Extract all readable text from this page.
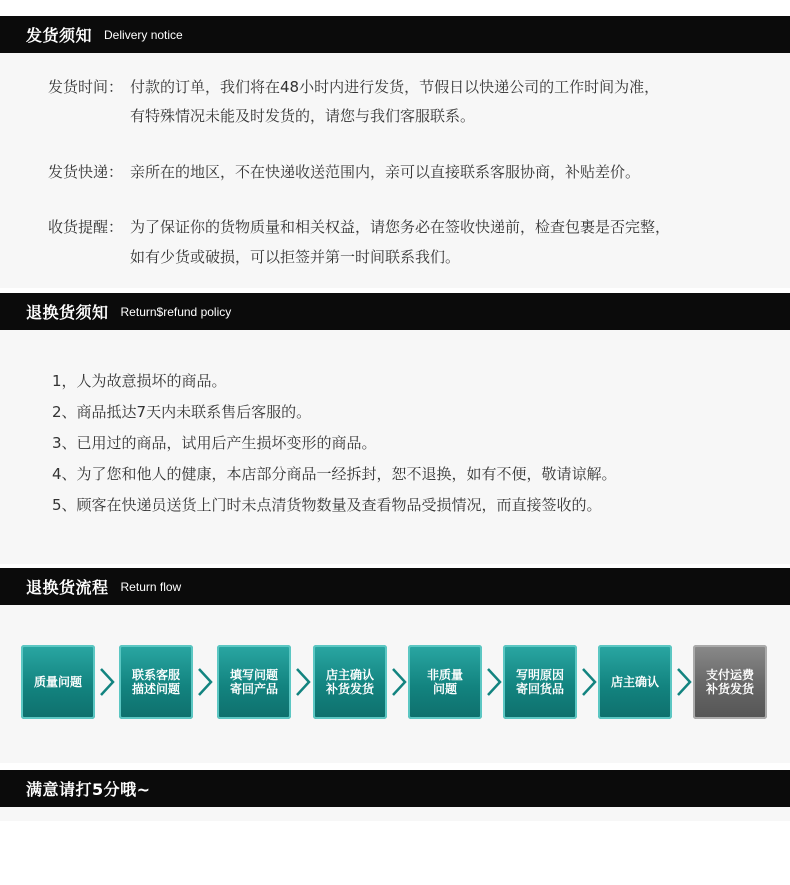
发货须知 Delivery notice
发货时间： 付款的订单，我们将在48小时内进行发货，节假日以快递公司的工作时间为准，
有特殊情况未能及时发货的，请您与我们客服联系。
发货快递： 亲所在的地区，不在快递收送范围内，亲可以直接联系客服协商，补贴差价。
收货提醒： 为了保证你的货物质量和相关权益，请您务必在签收快递前，检查包裹是否完整，
如有少货或破损，可以拒签并第一时间联系我们。
退换货须知 Return$refund policy
1，人为故意损坏的商品。
2、商品抵达7天内未联系售后客服的。
3、已用过的商品，试用后产生损坏变形的商品。
4、为了您和他人的健康，本店部分商品一经拆封，恕不退换，如有不便，敬请谅解。
5、顾客在快递员送货上门时未点清货物数量及查看物品受损情况，而直接签收的。
退换货流程 Return flow
质量问题	联系客服
描述问题
填写问题
寄回产品
店主确认
补货发货
非质量
问题
写明原因
寄回货品	店主确认	支付运费
补货发货
满意请打5分哦~
